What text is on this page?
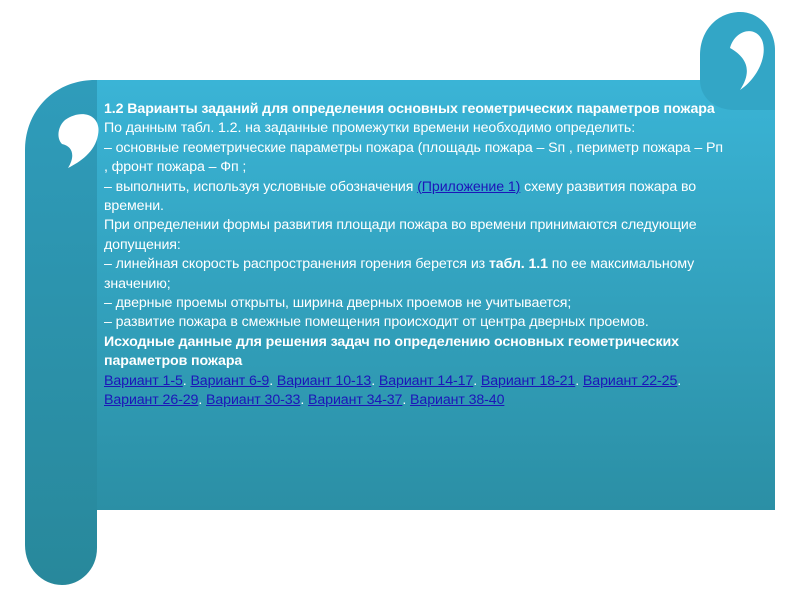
1.2 Варианты заданий для определения основных геометрических параметров пожара

По данным табл. 1.2. на заданные промежутки времени необходимо определить:

– основные геометрические параметры пожара (площадь пожара – Sп , периметр пожара – Рп , фронт пожара – Фп ;

– выполнить, используя условные обозначения (Приложение 1) схему развития пожара во времени.

При определении формы развития площади пожара во времени принимаются следующие допущения:

– линейная скорость распространения горения берется из табл. 1.1 по ее максимальному значению;

– дверные проемы открыты, ширина дверных проемов не учитывается;

– развитие пожара в смежные помещения происходит от центра дверных проемов.

Исходные данные для решения задач по определению основных геометрических параметров пожара

Вариант 1-5. Вариант 6-9. Вариант 10-13. Вариант 14-17. Вариант 18-21. Вариант 22-25. Вариант 26-29. Вариант 30-33. Вариант 34-37. Вариант 38-40
